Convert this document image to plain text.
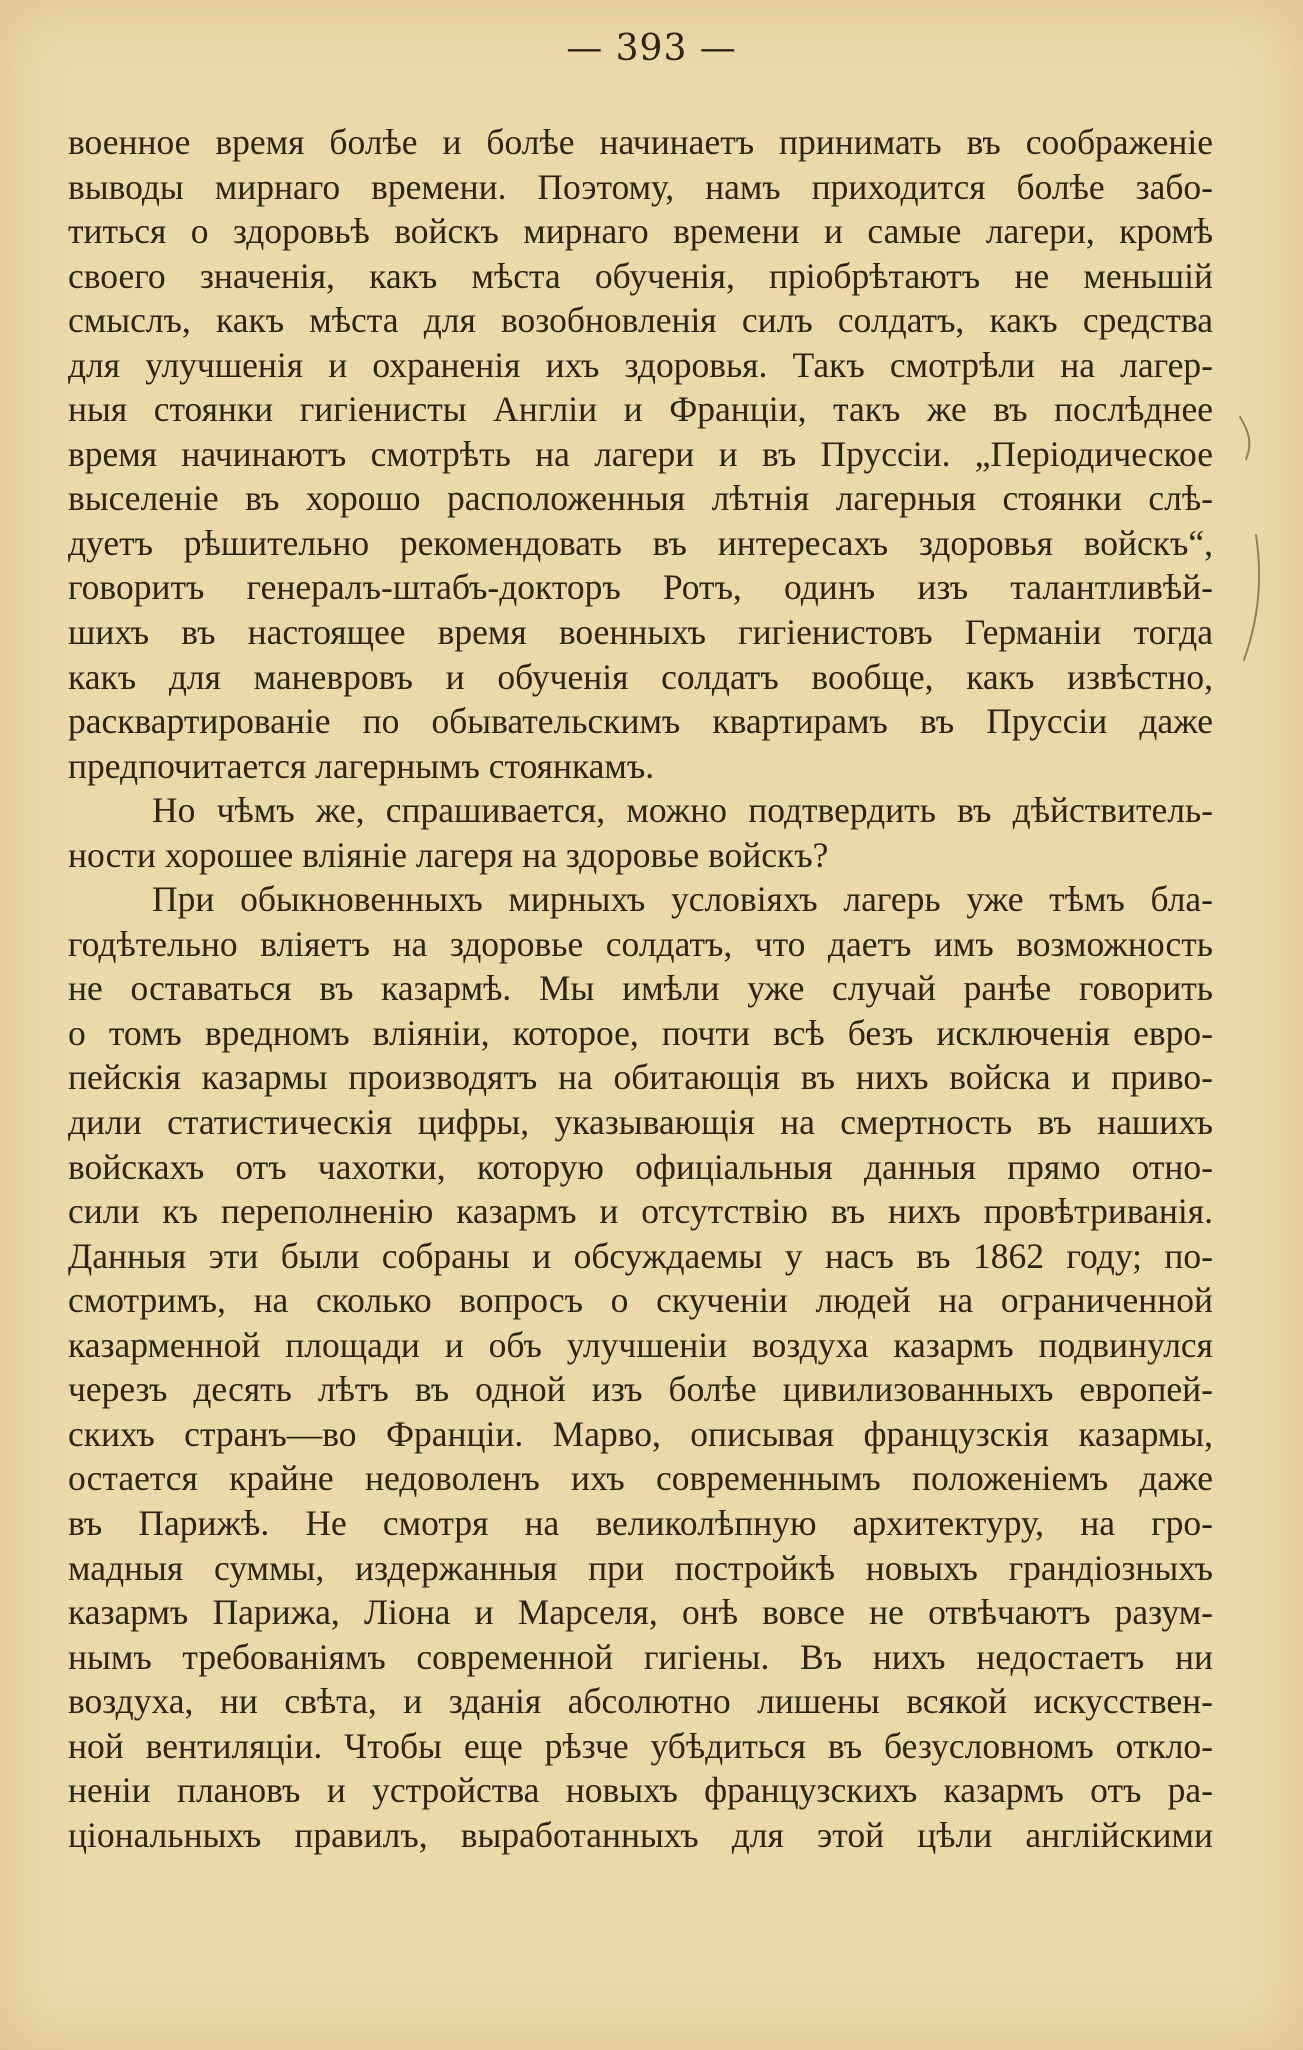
— 393 —
военное время болѣе и болѣе начинаетъ принимать въ соображеніе
выводы мирнаго времени. Поэтому, намъ приходится болѣе забо-
титься о здоровьѣ войскъ мирнаго времени и самые лагери, кромѣ
своего значенія, какъ мѣста обученія, пріобрѣтаютъ не меньшій
смыслъ, какъ мѣста для возобновленія силъ солдатъ, какъ средства
для улучшенія и охраненія ихъ здоровья. Такъ смотрѣли на лагер-
ныя стоянки гигіенисты Англіи и Франціи, такъ же въ послѣднее
время начинаютъ смотрѣть на лагери и въ Пруссіи. „Періодическое
выселеніе въ хорошо расположенныя лѣтнія лагерныя стоянки слѣ-
дуетъ рѣшительно рекомендовать въ интересахъ здоровья войскъ“,
говоритъ генералъ-штабъ-докторъ Ротъ, одинъ изъ талантливѣй-
шихъ въ настоящее время военныхъ гигіенистовъ Германіи тогда
какъ для маневровъ и обученія солдатъ вообще, какъ извѣстно,
расквартированіе по обывательскимъ квартирамъ въ Пруссіи даже
предпочитается лагернымъ стоянкамъ.
Но чѣмъ же, спрашивается, можно подтвердить въ дѣйствитель-
ности хорошее вліяніе лагеря на здоровье войскъ?
При обыкновенныхъ мирныхъ условіяхъ лагерь уже тѣмъ бла-
годѣтельно вліяетъ на здоровье солдатъ, что даетъ имъ возможность
не оставаться въ казармѣ. Мы имѣли уже случай ранѣе говорить
о томъ вредномъ вліяніи, которое, почти всѣ безъ исключенія евро-
пейскія казармы производятъ на обитающія въ нихъ войска и приво-
дили статистическія цифры, указывающія на смертность въ нашихъ
войскахъ отъ чахотки, которую офиціальныя данныя прямо отно-
сили къ переполненію казармъ и отсутствію въ нихъ провѣтриванія.
Данныя эти были собраны и обсуждаемы у насъ въ 1862 году; по-
смотримъ, на сколько вопросъ о скученіи людей на ограниченной
казарменной площади и объ улучшеніи воздуха казармъ подвинулся
черезъ десять лѣтъ въ одной изъ болѣе цивилизованныхъ европей-
скихъ странъ—во Франціи. Марво, описывая французскія казармы,
остается крайне недоволенъ ихъ современнымъ положеніемъ даже
въ Парижѣ. Не смотря на великолѣпную архитектуру, на гро-
мадныя суммы, издержанныя при постройкѣ новыхъ грандіозныхъ
казармъ Парижа, Ліона и Марселя, онѣ вовсе не отвѣчаютъ разум-
нымъ требованіямъ современной гигіены. Въ нихъ недостаетъ ни
воздуха, ни свѣта, и зданія абсолютно лишены всякой искусствен-
ной вентиляціи. Чтобы еще рѣзче убѣдиться въ безусловномъ откло-
неніи плановъ и устройства новыхъ французскихъ казармъ отъ ра-
ціональныхъ правилъ, выработанныхъ для этой цѣли англійскими
